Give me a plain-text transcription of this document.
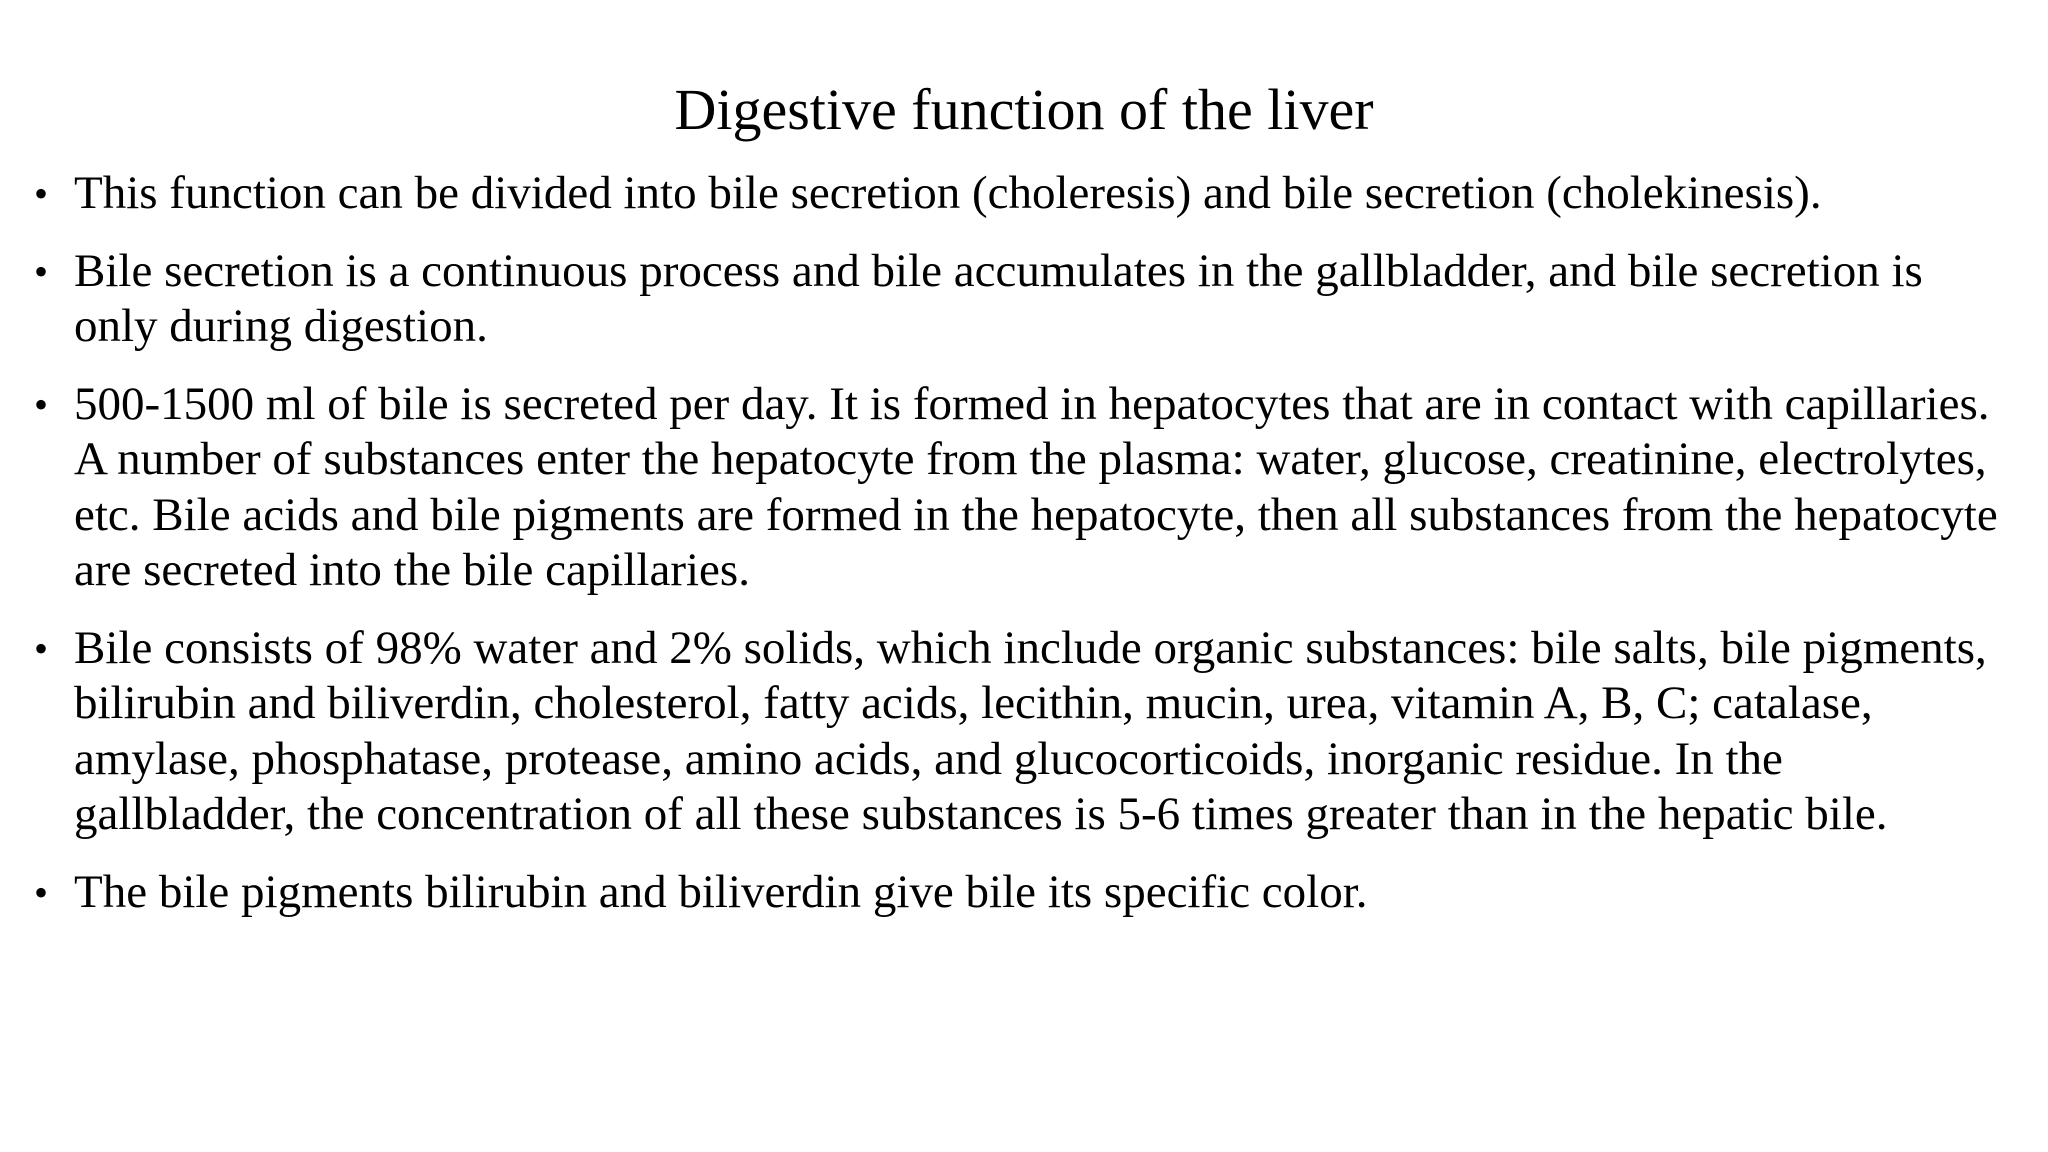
Digestive function of the liver
• This function can be divided into bile secretion (choleresis) and bile secretion (cholekinesis).
• Bile secretion is a continuous process and bile accumulates in the gallbladder, and bile secretion is only during digestion.
• 500-1500 ml of bile is secreted per day. It is formed in hepatocytes that are in contact with capillaries. A number of substances enter the hepatocyte from the plasma: water, glucose, creatinine, electrolytes, etc. Bile acids and bile pigments are formed in the hepatocyte, then all substances from the hepatocyte are secreted into the bile capillaries.
• Bile consists of 98% water and 2% solids, which include organic substances: bile salts, bile pigments, bilirubin and biliverdin, cholesterol, fatty acids, lecithin, mucin, urea, vitamin A, B, C; catalase, amylase, phosphatase, protease, amino acids, and glucocorticoids, inorganic residue. In the gallbladder, the concentration of all these substances is 5-6 times greater than in the hepatic bile.
• The bile pigments bilirubin and biliverdin give bile its specific color.
